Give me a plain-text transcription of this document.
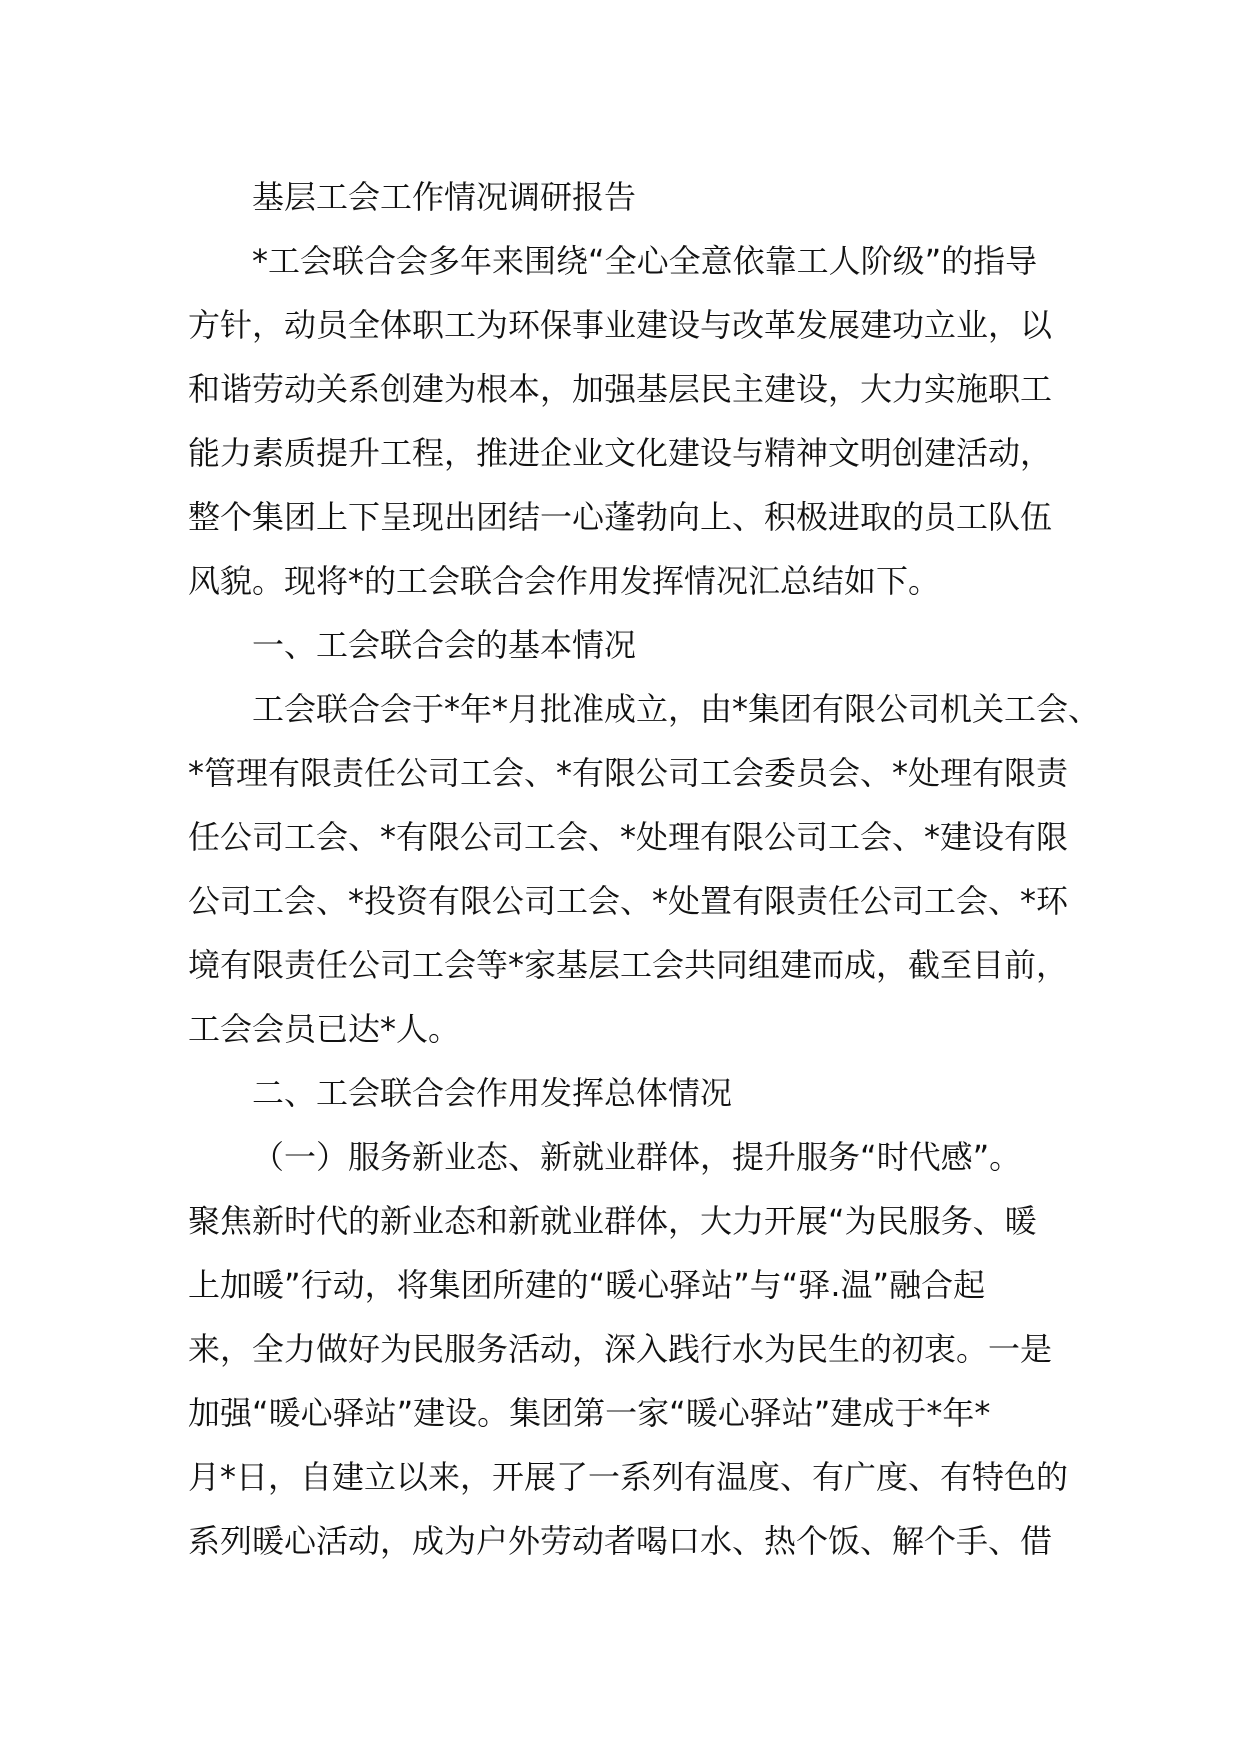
基层工会工作情况调研报告
*工会联合会多年来围绕“全心全意依靠工人阶级”的指导
方针，动员全体职工为环保事业建设与改革发展建功立业，以
和谐劳动关系创建为根本，加强基层民主建设，大力实施职工
能力素质提升工程，推进企业文化建设与精神文明创建活动，
整个集团上下呈现出团结一心蓬勃向上、积极进取的员工队伍
风貌。现将*的工会联合会作用发挥情况汇总结如下。
一、工会联合会的基本情况
工会联合会于*年*月批准成立，由*集团有限公司机关工会、
*管理有限责任公司工会、*有限公司工会委员会、*处理有限责
任公司工会、*有限公司工会、*处理有限公司工会、*建设有限
公司工会、*投资有限公司工会、*处置有限责任公司工会、*环
境有限责任公司工会等*家基层工会共同组建而成，截至目前，
工会会员已达*人。
二、工会联合会作用发挥总体情况
（一）服务新业态、新就业群体，提升服务“时代感”。
聚焦新时代的新业态和新就业群体，大力开展“为民服务、暖
上加暖”行动，将集团所建的“暖心驿站”与“驿.温”融合起
来，全力做好为民服务活动，深入践行水为民生的初衷。一是
加强“暖心驿站”建设。集团第一家“暖心驿站”建成于*年*
月*日，自建立以来，开展了一系列有温度、有广度、有特色的
系列暖心活动，成为户外劳动者喝口水、热个饭、解个手、借
